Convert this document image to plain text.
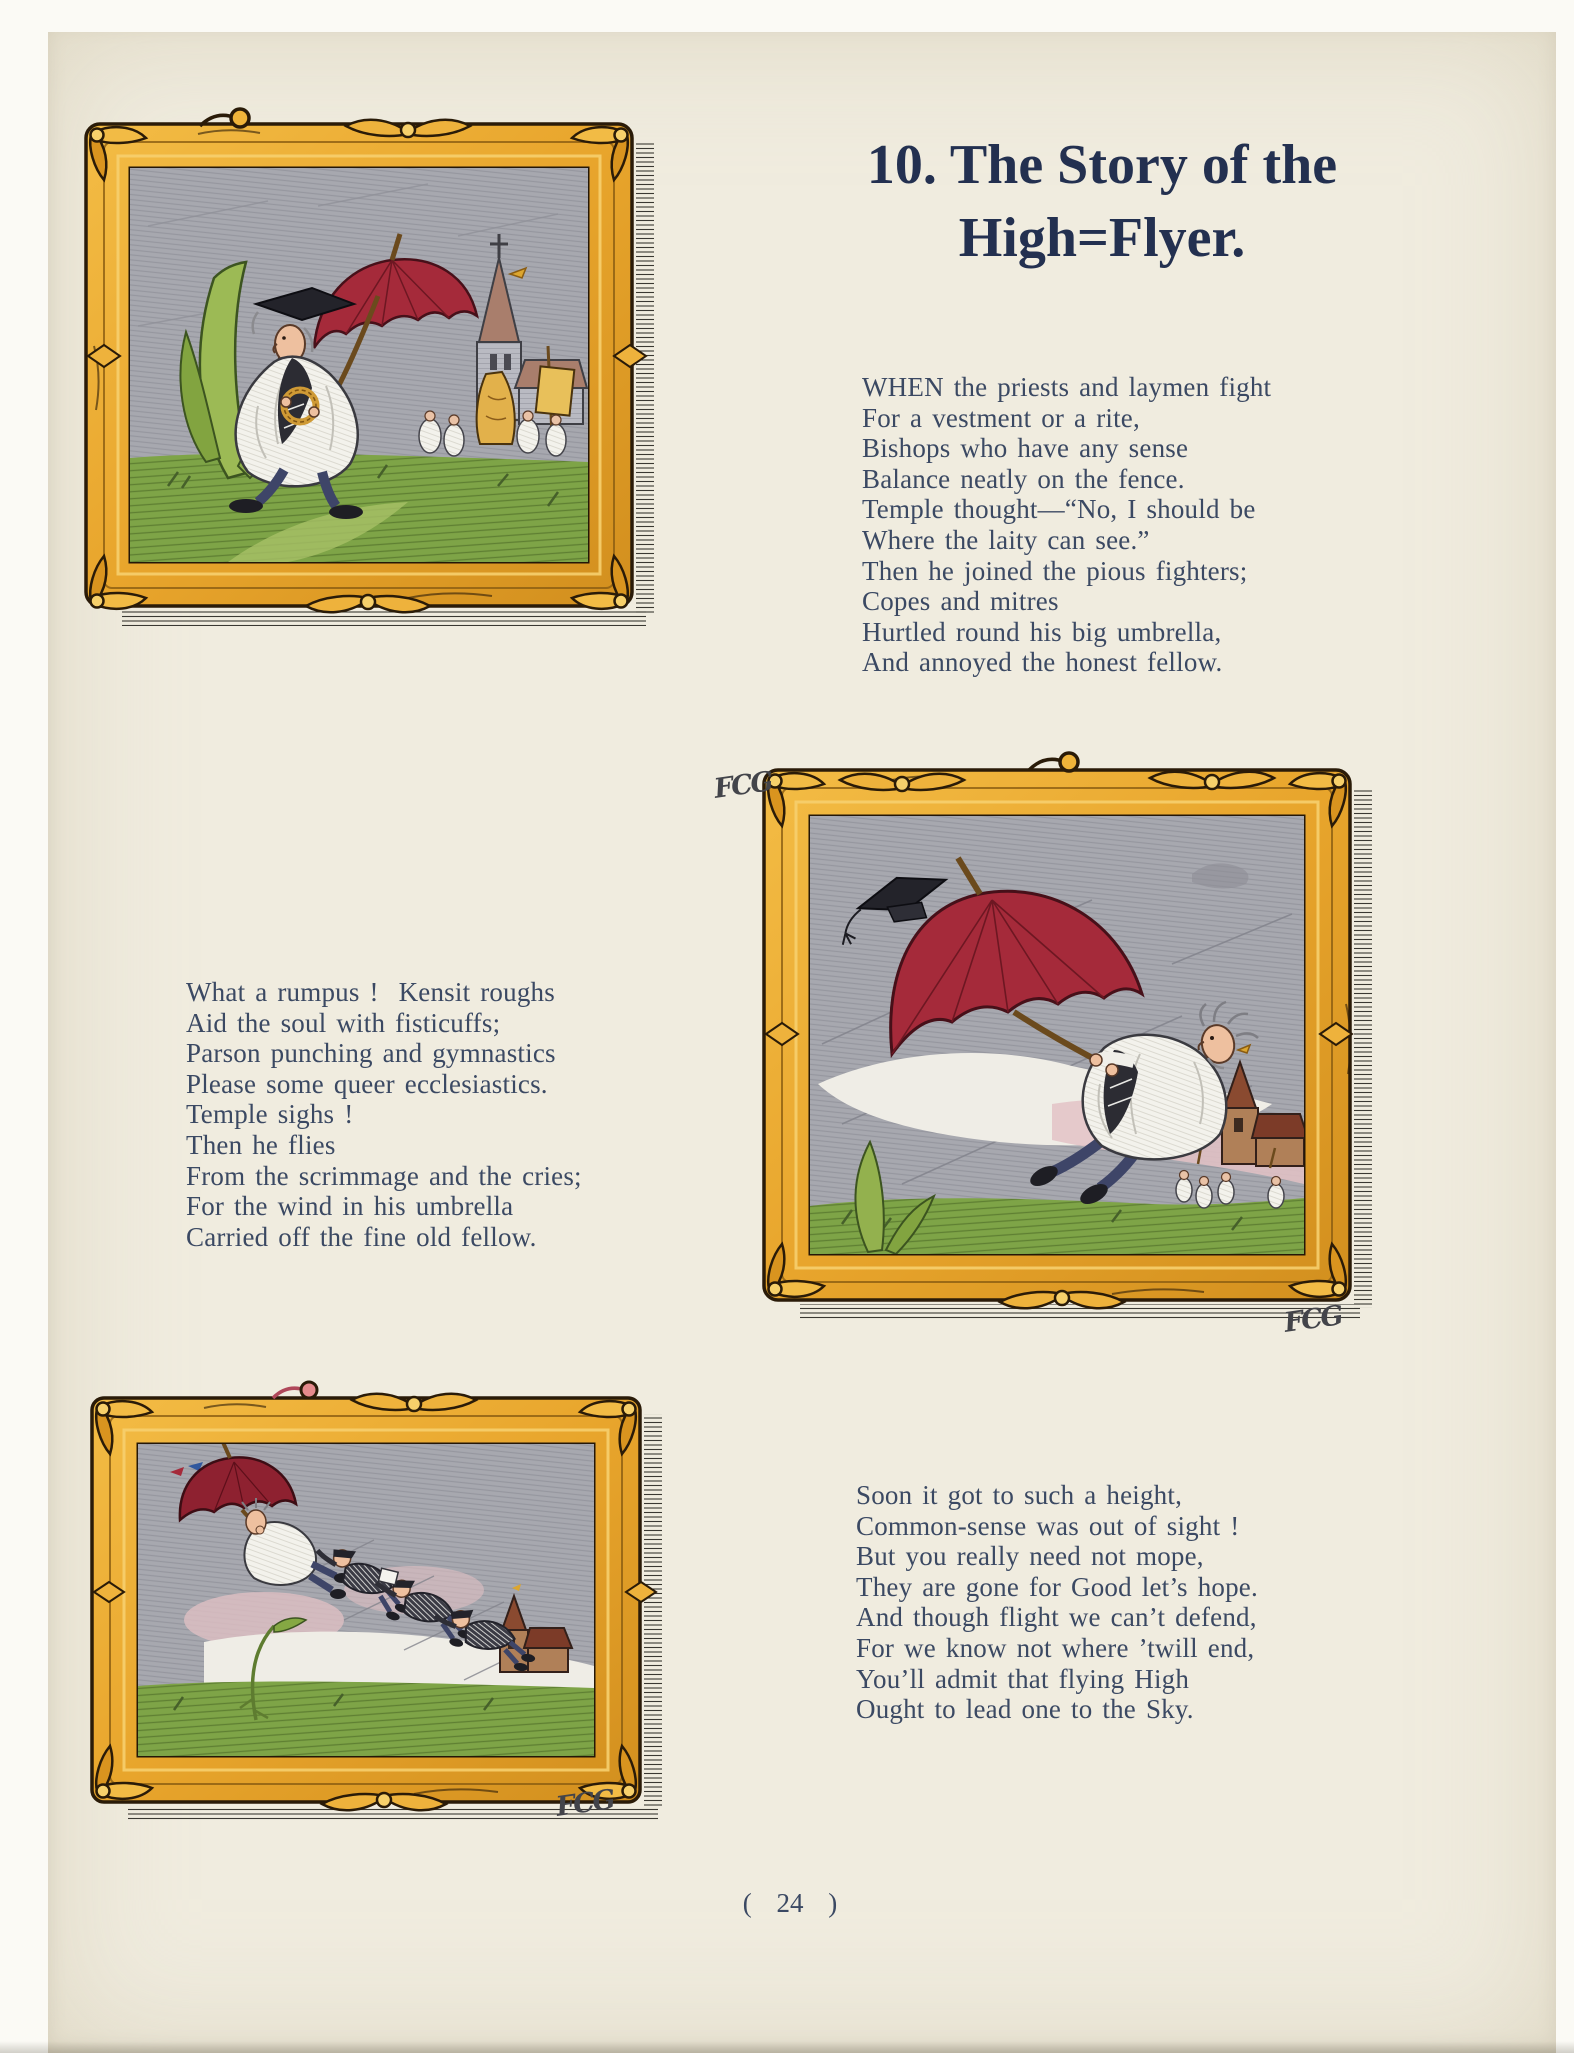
10. The Story of the
High=Flyer.
WHEN the priests and laymen fight
For a vestment or a rite,
Bishops who have any sense
Balance neatly on the fence.
Temple thought—“No, I should be
Where the laity can see.”
Then he joined the pious fighters;
Copes and mitres
Hurtled round his big umbrella,
And annoyed the honest fellow.
What a rumpus !  Kensit roughs
Aid the soul with fisticuffs;
Parson punching and gymnastics
Please some queer ecclesiastics.
Temple sighs !
Then he flies
From the scrimmage and the cries;
For the wind in his umbrella
Carried off the fine old fellow.
Soon it got to such a height,
Common-sense was out of sight !
But you really need not mope,
They are gone for Good let’s hope.
And though flight we can’t defend,
For we know not where ’twill end,
You’ll admit that flying High
Ought to lead one to the Sky.
FCG
FCG
FCG
( 24 )
